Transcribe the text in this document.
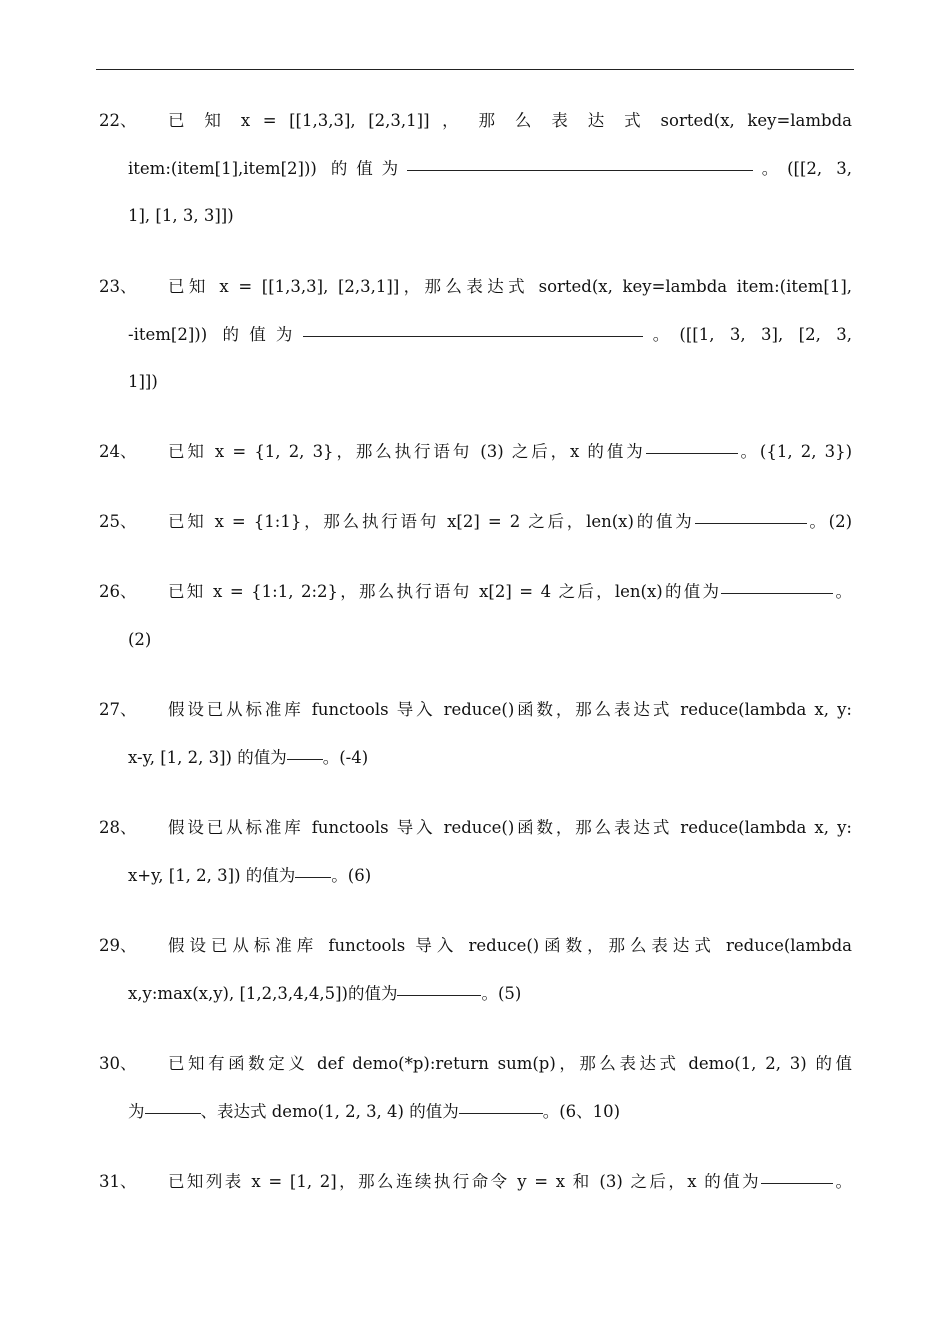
22、 已 知 x = [[1,3,3], [2,3,1]] ， 那 么 表 达 式 sorted(x, key=lambda
item:(item[1],item[2])) 的值为	。([[2, 3,
1], [1, 3, 3]])
23、 已知 x = [[1,3,3], [2,3,1]]，那么表达式 sorted(x, key=lambda item:(item[1],
-item[2])) 的值为	。([[1, 3, 3], [2, 3,
1]])
24、 已知 x = {1, 2, 3}，那么执行语句 (3) 之后，x 的值为	。({1, 2, 3})
25、 已知 x = {1:1}，那么执行语句 x[2] = 2 之后，len(x)的值为	。(2)
26、 已知 x = {1:1, 2:2}，那么执行语句 x[2] = 4 之后，len(x)的值为	。
(2)
27、 假设已从标准库 functools 导入 reduce()函数，那么表达式 reduce(lambda x, y:
x-y, [1, 2, 3]) 的值为 。(-4)
28、 假设已从标准库 functools 导入 reduce()函数，那么表达式 reduce(lambda x, y:
x+y, [1, 2, 3]) 的值为 。(6)
29、 假设已从标准库 functools 导入 reduce()函数，那么表达式 reduce(lambda
x,y:max(x,y), [1,2,3,4,4,5])的值为	。(5)
30、 已知有函数定义 def demo(*p):return sum(p)，那么表达式 demo(1, 2, 3) 的值
为	、表达式 demo(1, 2, 3, 4) 的值为	。(6、10)
31、 已知列表 x = [1, 2]，那么连续执行命令 y = x 和 (3) 之后，x 的值为	。
